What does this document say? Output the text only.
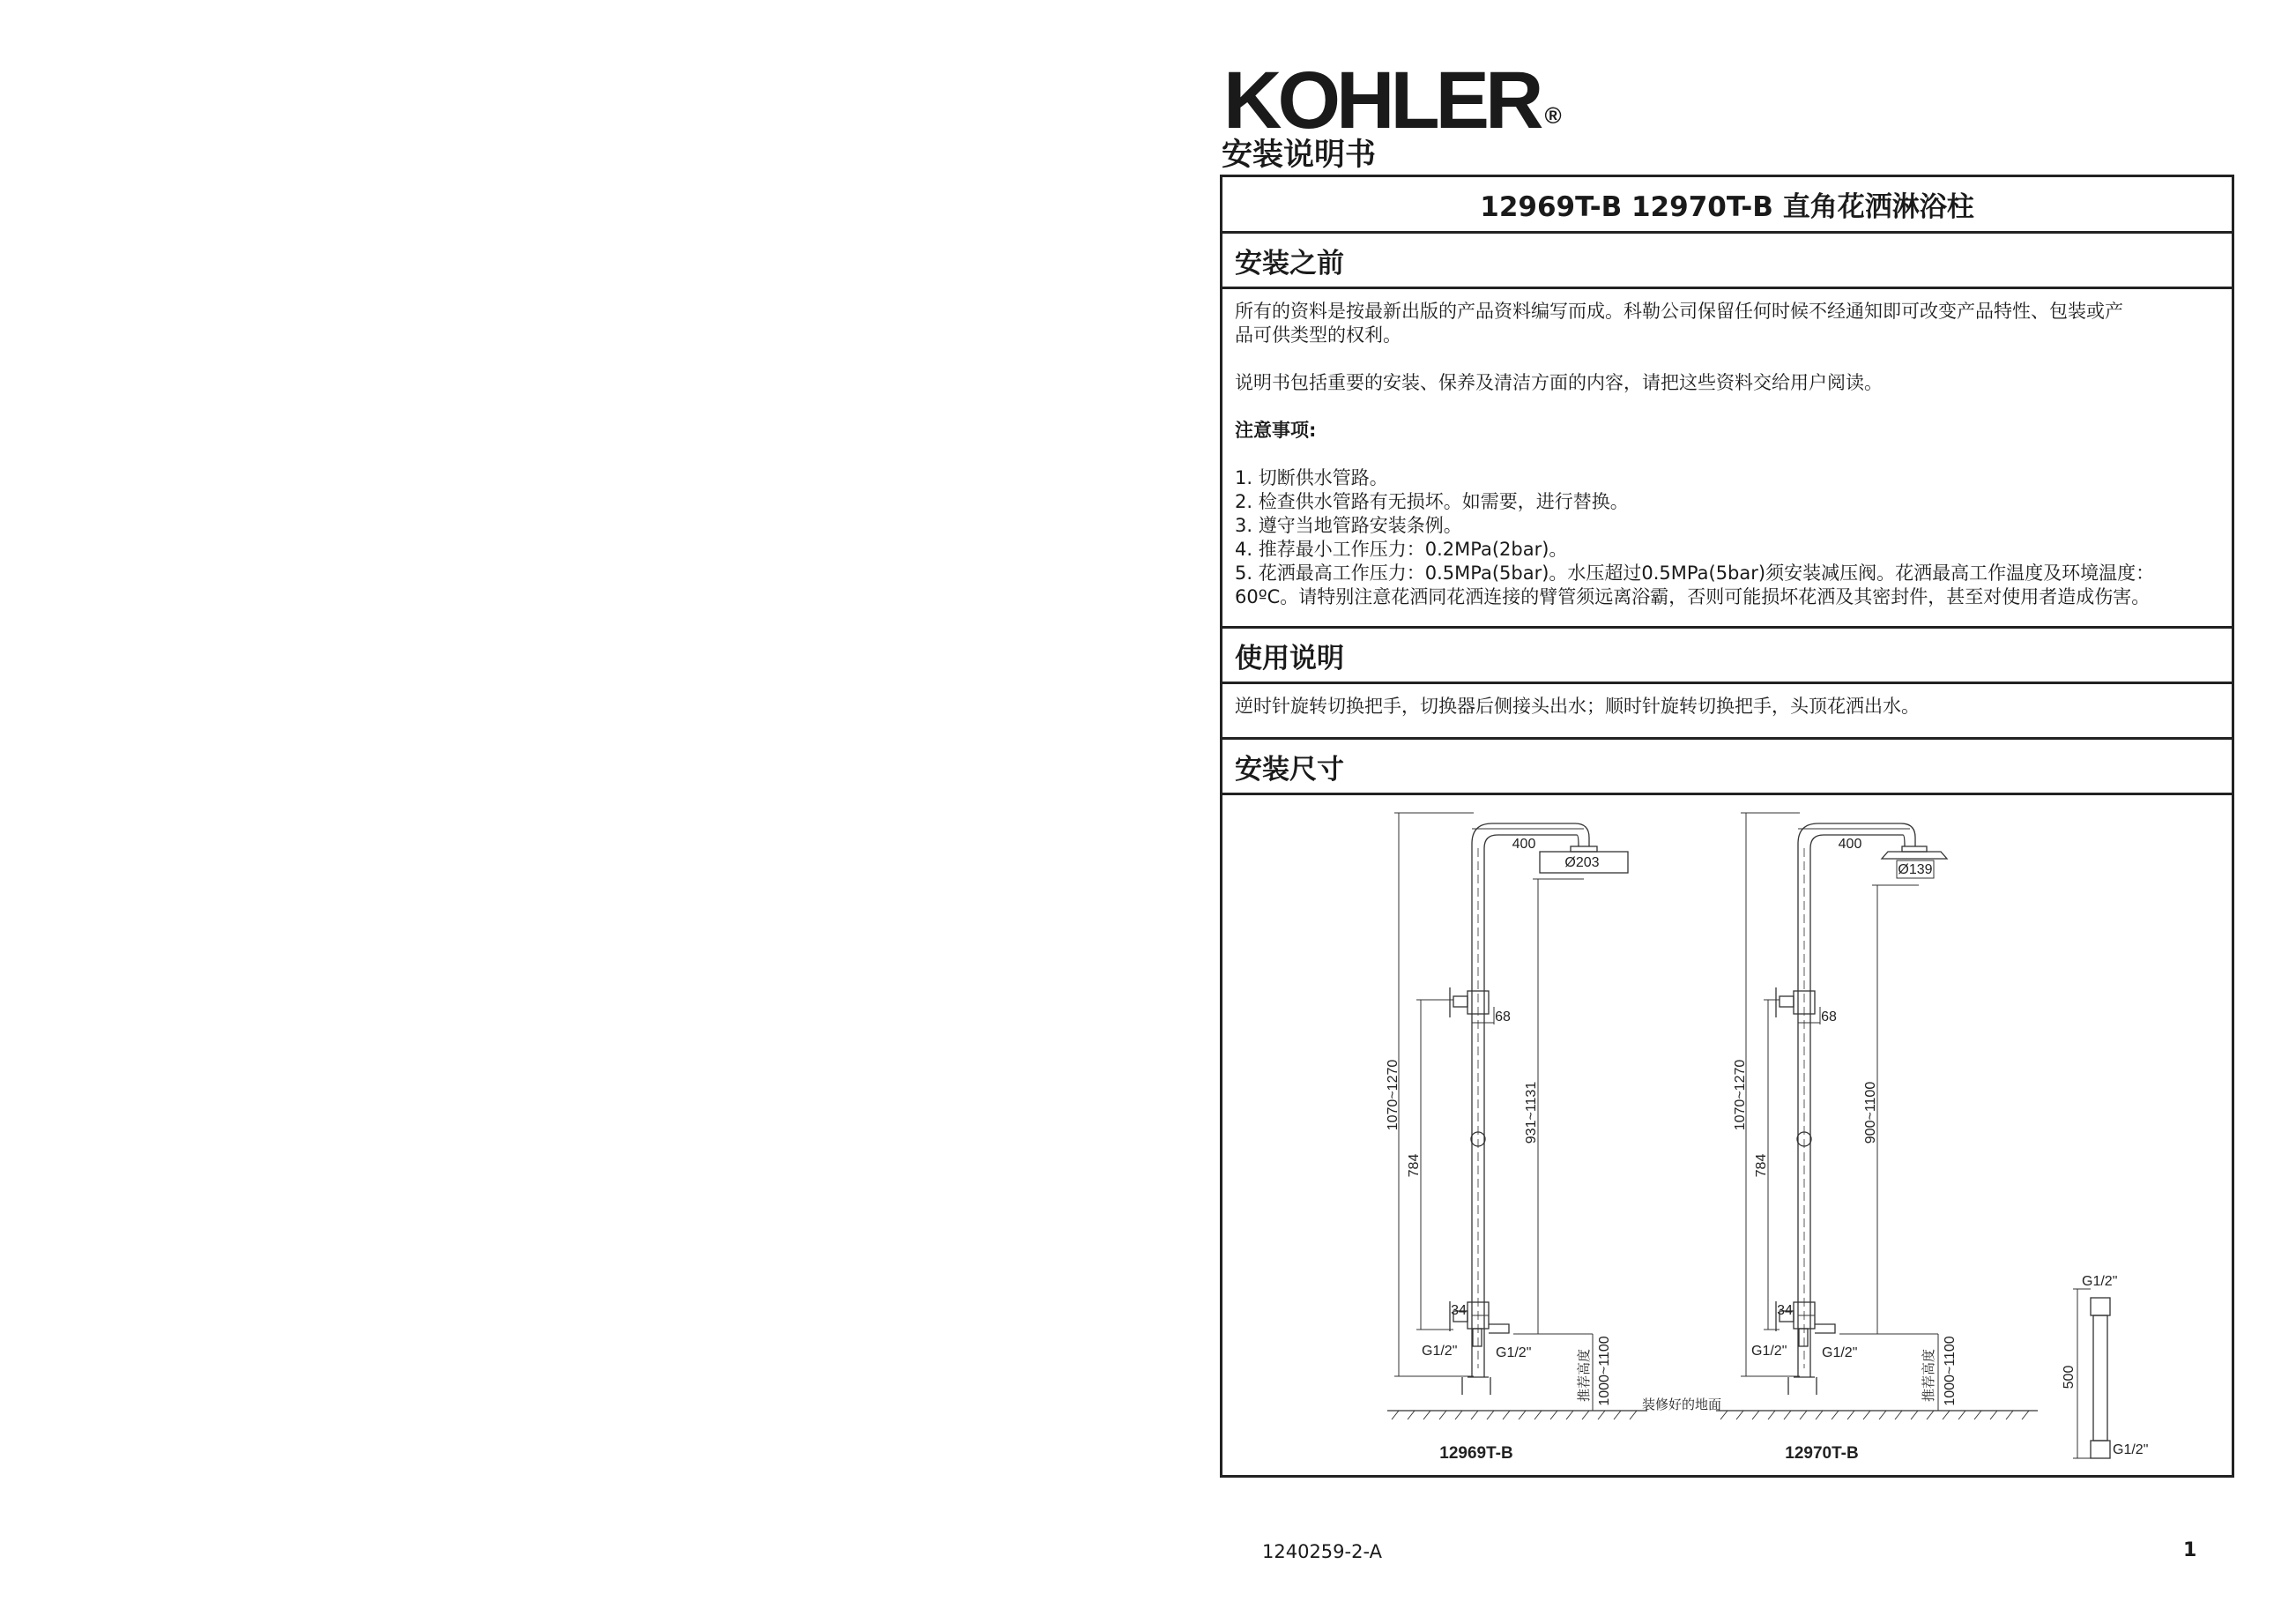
KOHLER ®
安装说明书
12969T-B 12970T-B 直角花洒淋浴柱
安装之前

所有的资料是按最新出版的产品资料编写而成。科勒公司保留任何时候不经通知即可改变产品特性、包装或产

品可供类型的权利。

说明书包括重要的安装、保养及清洁方面的内容，请把这些资料交给用户阅读。

注意事项:

1. 切断供水管路。

2. 检查供水管路有无损坏。如需要，进行替换。

3. 遵守当地管路安装条例。

4. 推荐最小工作压力：0.2MPa(2bar)。

5. 花洒最高工作压力：0.5MPa(5bar)。水压超过0.5MPa(5bar)须安装减压阀。花洒最高工作温度及环境温度：

60ºC。请特别注意花洒同花洒连接的臂管须远离浴霸，否则可能损坏花洒及其密封件，甚至对使用者造成伤害。

使用说明

逆时针旋转切换把手，切换器后侧接头出水；顺时针旋转切换把手，头顶花洒出水。

安装尺寸
400
Ø203
1070~1270
68
784
931~1131
34
G1/2"	G1/2"	推荐高度 1000~1100
12969T-B
400
Ø139
1070~1270
68
784
900~1100
34
G1/2" G1/2"	推荐高度 1000~1100
12970T-B
装修好的地面
G1/2"
500
G1/2"
1240259-2-A	1
